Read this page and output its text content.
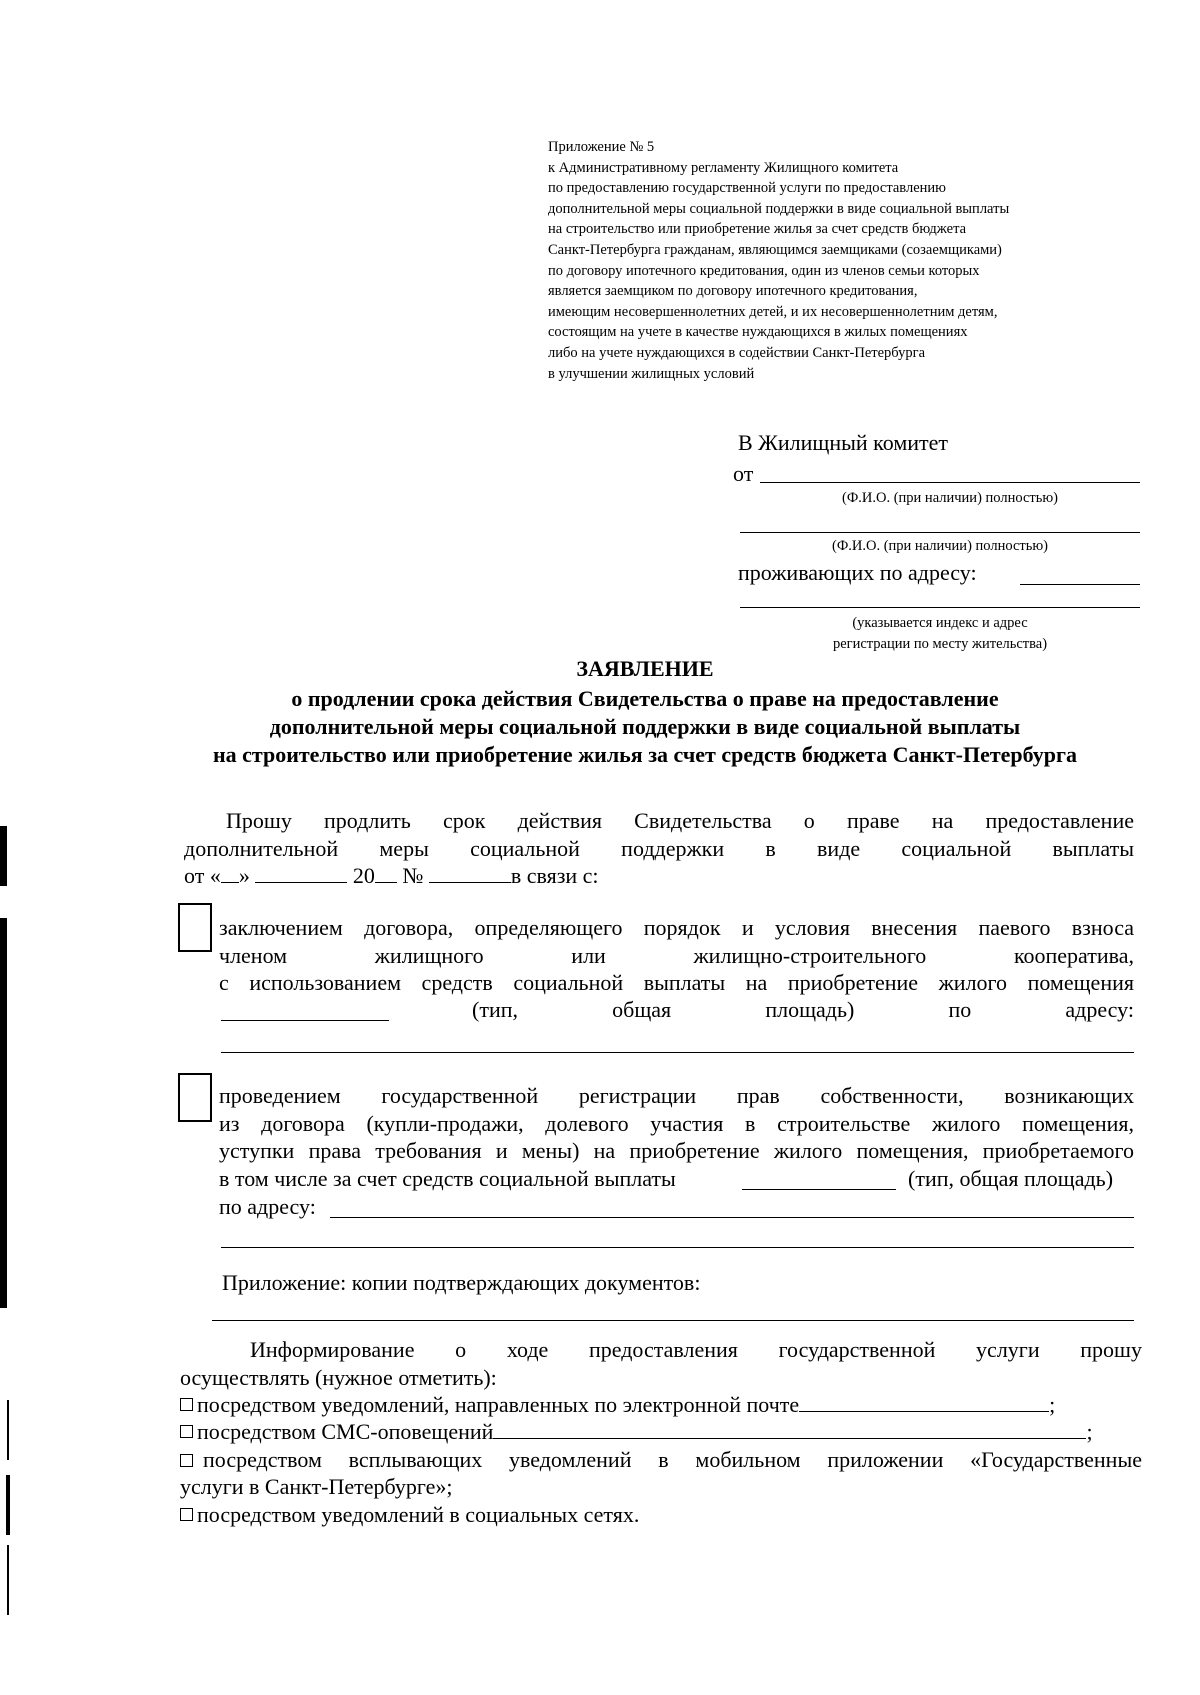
Приложение № 5
к Административному регламенту Жилищного комитета
по предоставлению государственной услуги по предоставлению
дополнительной меры социальной поддержки в виде социальной выплаты
на строительство или приобретение жилья за счет средств бюджета
Санкт-Петербурга гражданам, являющимся заемщиками (созаемщиками)
по договору ипотечного кредитования, один из членов семьи которых
является заемщиком по договору ипотечного кредитования,
имеющим несовершеннолетних детей, и их несовершеннолетним детям,
состоящим на учете в качестве нуждающихся в жилых помещениях
либо на учете нуждающихся в содействии Санкт-Петербурга
в улучшении жилищных условий
В Жилищный комитет
от
(Ф.И.О. (при наличии) полностью)
(Ф.И.О. (при наличии) полностью)
проживающих по адресу:
(указывается индекс и адрес
регистрации по месту жительства)
ЗАЯВЛЕНИЕ
о продлении срока действия Свидетельства о праве на предоставление
дополнительной меры социальной поддержки в виде социальной выплаты
на строительство или приобретение жилья за счет средств бюджета Санкт-Петербурга
Прошу продлить срок действия Свидетельства о праве на предоставление
дополнительной меры социальной поддержки в виде социальной выплаты
от « »	20 №	в связи с:
заключением договора, определяющего порядок и условия внесения паевого взноса
членом жилищного или жилищно-строительного кооператива,
с использованием средств социальной выплаты на приобретение жилого помещения
(тип,	общая	площадь)	по	адресу:
проведением государственной регистрации прав собственности, возникающих
из договора (купли-продажи, долевого участия в строительстве жилого помещения,
уступки права требования и мены) на приобретение жилого помещения, приобретаемого
в том числе за счет средств социальной выплаты	(тип, общая площадь)
по адресу:
Приложение: копии подтверждающих документов:
Информирование о ходе предоставления государственной услуги прошу
осуществлять (нужное отметить):
посредством уведомлений, направленных по электронной почте	;
посредством СМС-оповещений	;
посредством всплывающих уведомлений в мобильном приложении «Государственные
услуги в Санкт-Петербурге»;
посредством уведомлений в социальных сетях.
